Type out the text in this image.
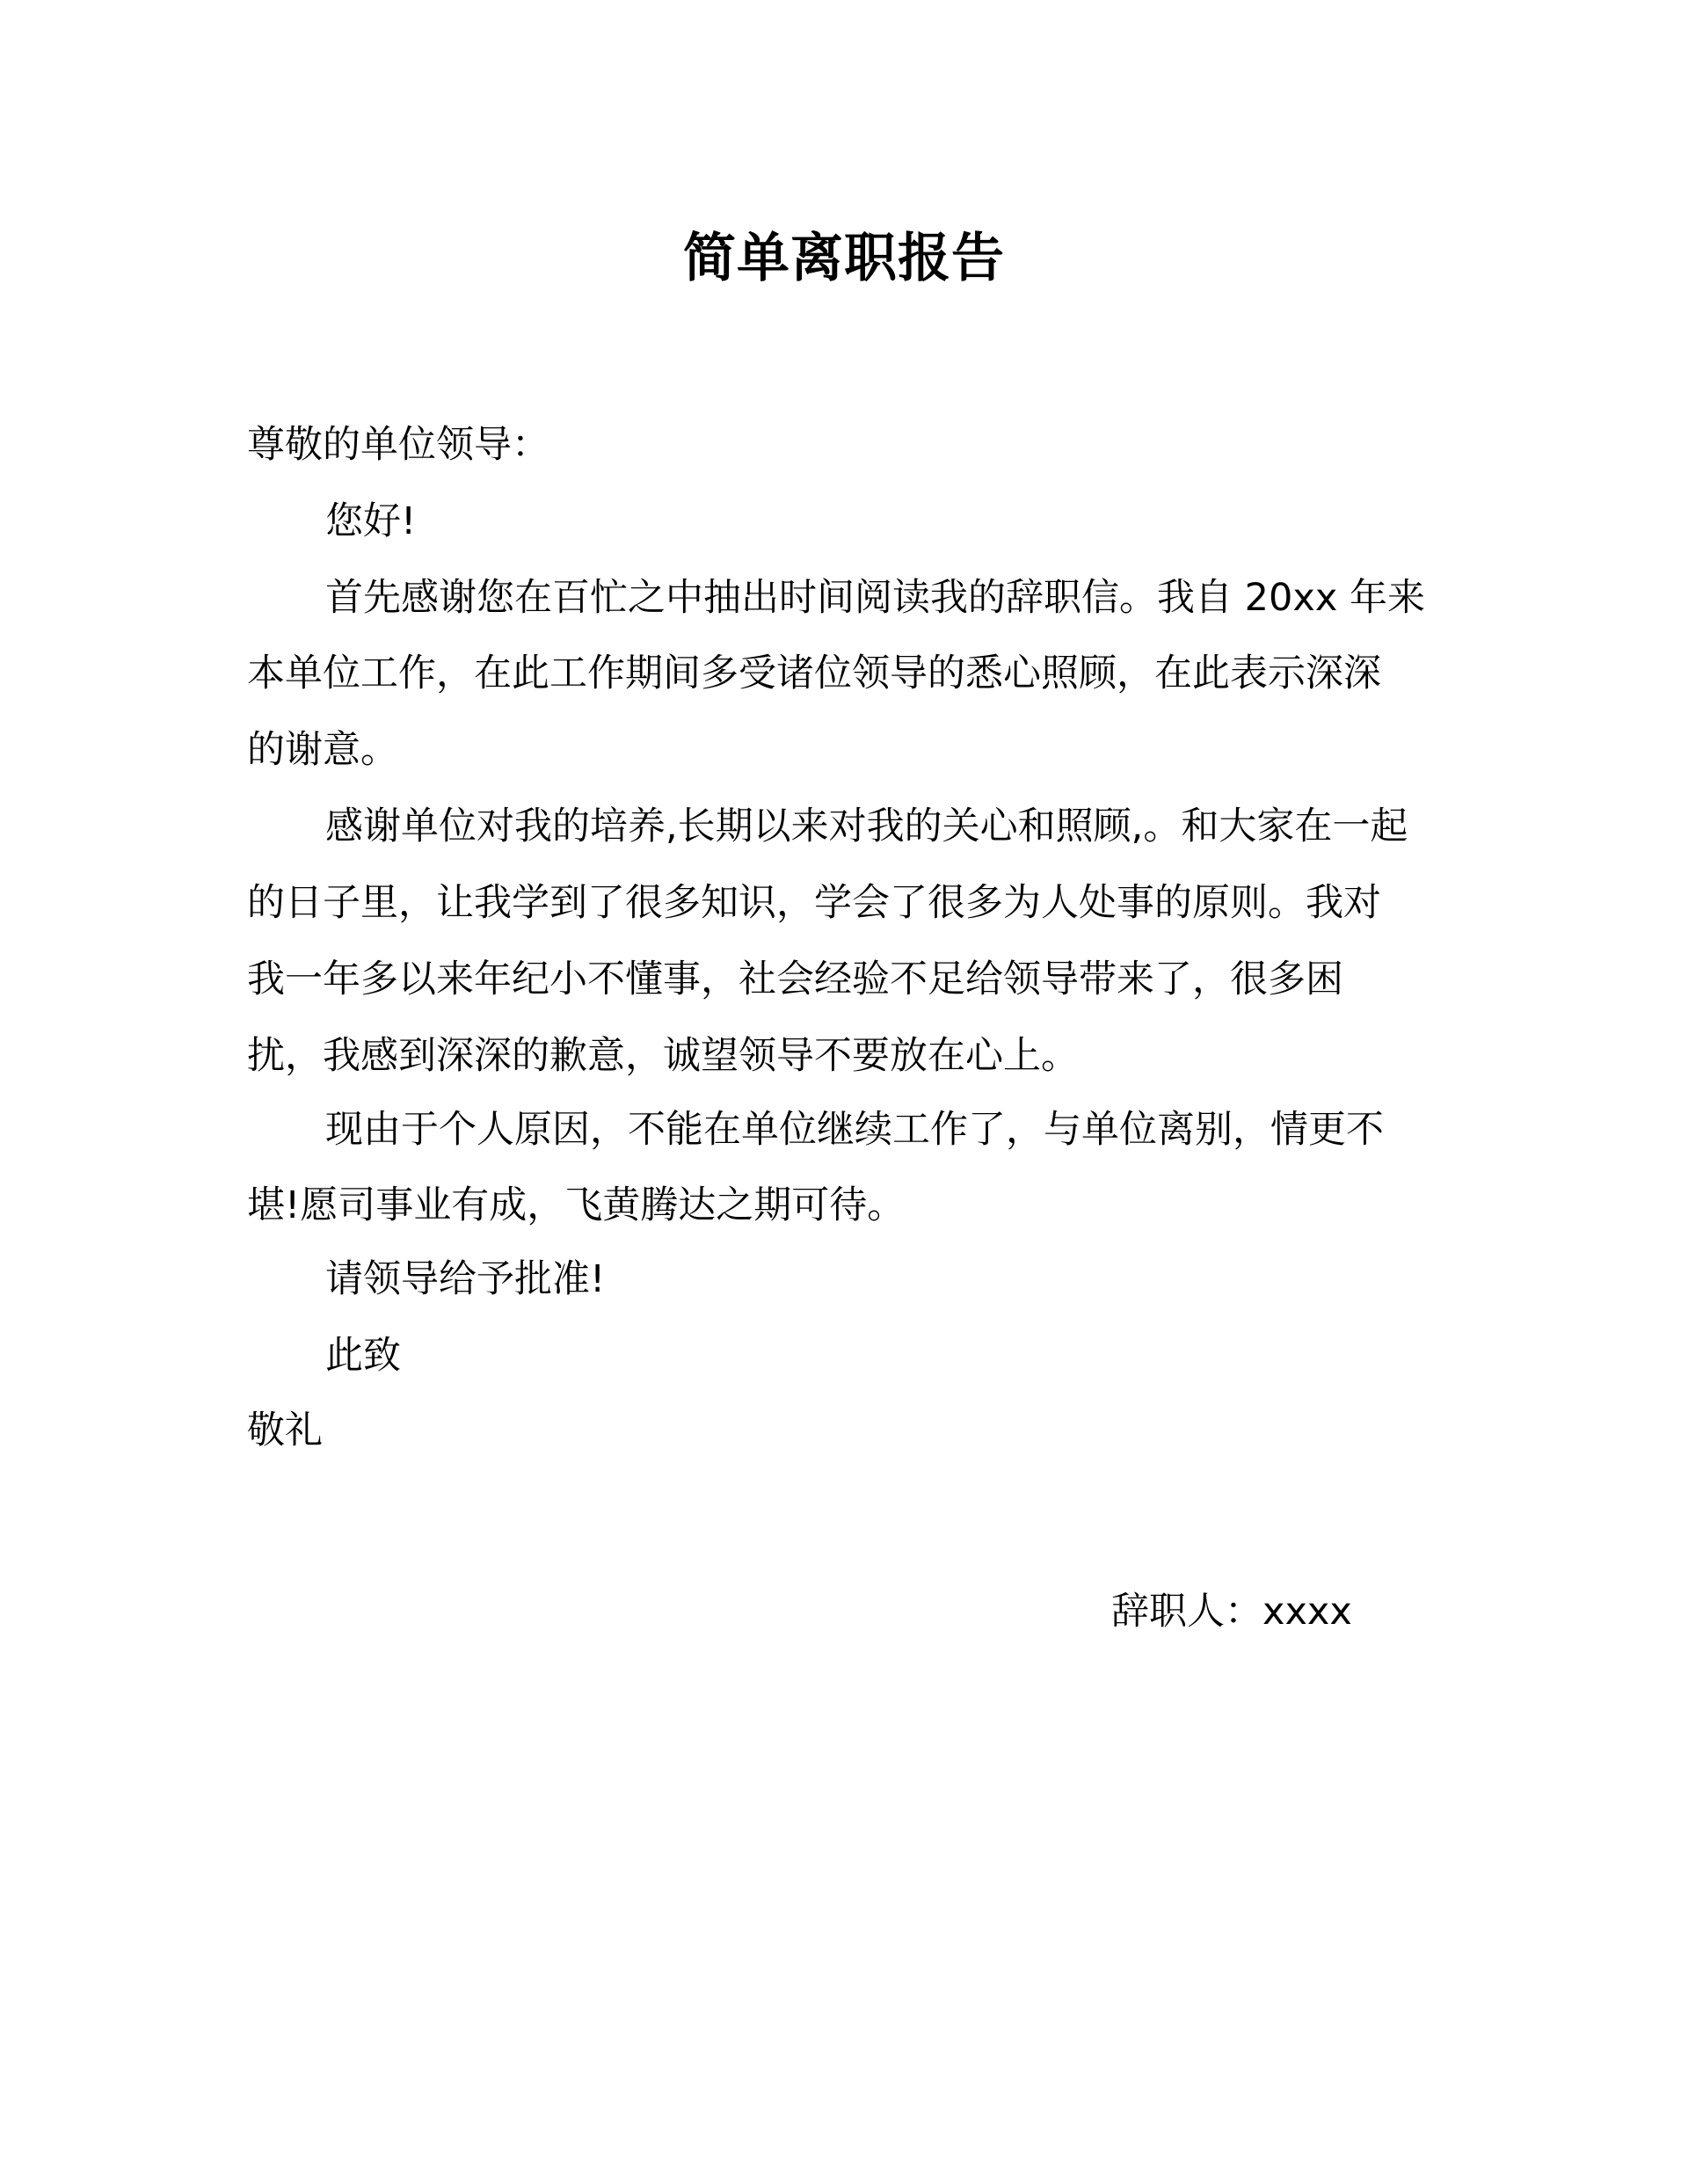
简单离职报告
尊敬的单位领导：
您好!
首先感谢您在百忙之中抽出时间阅读我的辞职信。我自 20xx 年来
本单位工作，在此工作期间多受诸位领导的悉心照顾，在此表示深深
的谢意。
感谢单位对我的培养,长期以来对我的关心和照顾,。和大家在一起
的日子里，让我学到了很多知识，学会了很多为人处事的原则。我对
我一年多以来年纪小不懂事，社会经验不足给领导带来了，很多困
扰，我感到深深的歉意，诚望领导不要放在心上。
现由于个人原因，不能在单位继续工作了，与单位离别，情更不
堪!愿司事业有成，飞黄腾达之期可待。
请领导给予批准!
此致
敬礼
辞职人：xxxx
